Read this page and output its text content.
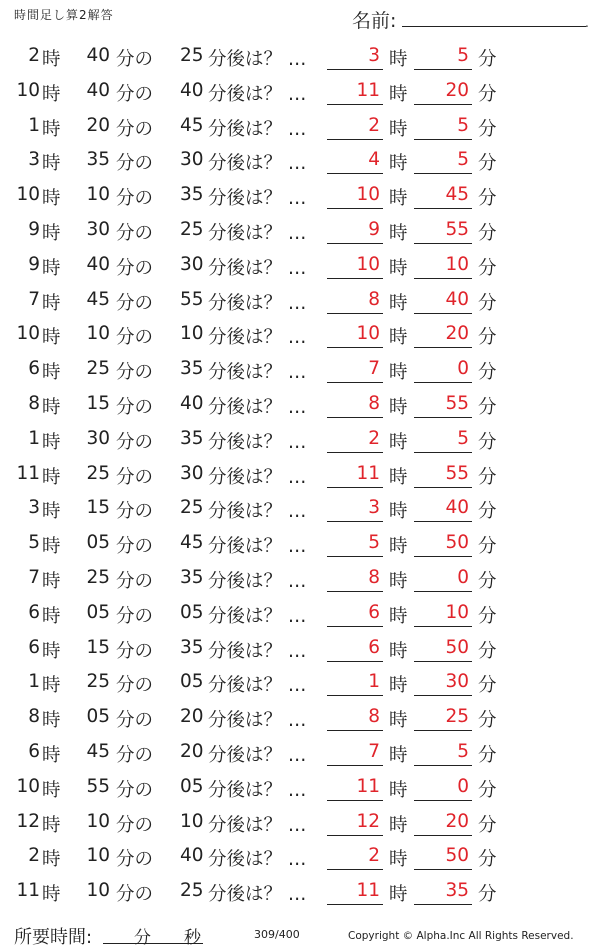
時間足し算2解答	名前:	.
2 時	40 分の 25 分後は？ …	3 時	5 分
10 時	40 分の 40 分後は？ …	11 時 20 分
1 時	20 分の 45 分後は？ …	2 時	5 分
3 時	35 分の 30 分後は？ …	4 時	5 分
10 時	10 分の 35 分後は？ …	10 時 45 分
9 時	30 分の 25 分後は？ …	9 時 55 分
9 時	40 分の 30 分後は？ …	10 時 10 分
7 時	45 分の 55 分後は？ …	8 時 40 分
10 時	10 分の 10 分後は？ …	10 時 20 分
6 時	25 分の 35 分後は？ …	7 時	0 分
8 時	15 分の 40 分後は？ …	8 時 55 分
1 時	30 分の 35 分後は？ …	2 時	5 分
11 時	25 分の 30 分後は？ …	11 時 55 分
3 時	15 分の 25 分後は？ …	3 時 40 分
5 時	05 分の 45 分後は？ …	5 時 50 分
7 時	25 分の 35 分後は？ …	8 時	0 分
6 時	05 分の 05 分後は？ …	6 時 10 分
6 時	15 分の 35 分後は？ …	6 時 50 分
1 時	25 分の 05 分後は？ …	1 時 30 分
8 時	05 分の 20 分後は？ …	8 時 25 分
6 時	45 分の 20 分後は？ …	7 時	5 分
10 時	55 分の 05 分後は？ …	11 時	0 分
12 時	10 分の 10 分後は？ …	12 時 20 分
2 時	10 分の 40 分後は？ …	2 時 50 分
11 時	10 分の 25 分後は？ …	11 時 35 分
所要時間: 分 秒	309/400	Copyright © Alpha.Inc All Rights Reserved.
